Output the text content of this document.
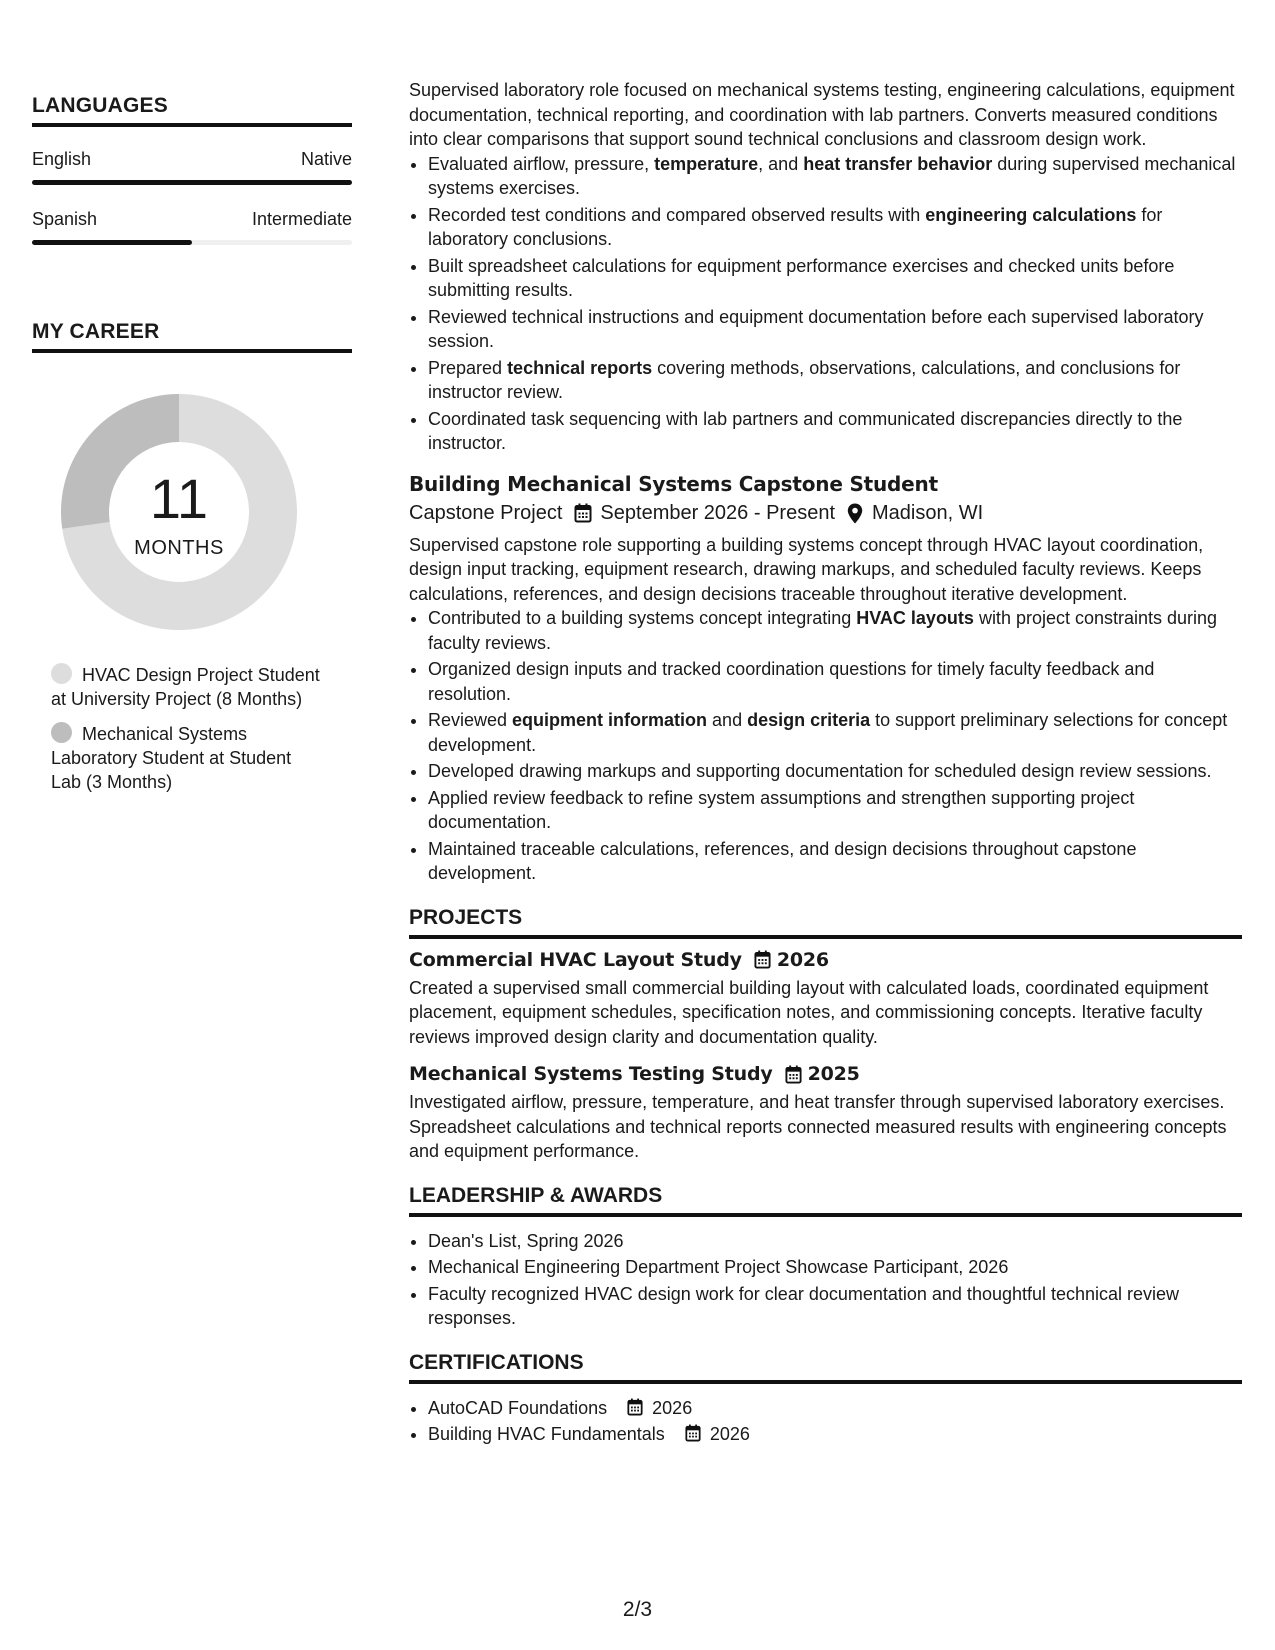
LANGUAGES
English	Native
Spanish	Intermediate
MY CAREER
11
MONTHS
HVAC Design Project Student at University Project (8 Months)
Mechanical Systems Laboratory Student at Student Lab (3 Months)

Supervised laboratory role focused on mechanical systems testing, engineering calculations, equipment documentation, technical reporting, and coordination with lab partners. Converts measured conditions into clear comparisons that support sound technical conclusions and classroom design work.

• Evaluated airflow, pressure, temperature, and heat transfer behavior during supervised mechanical systems exercises.
• Recorded test conditions and compared observed results with engineering calculations for laboratory conclusions.
• Built spreadsheet calculations for equipment performance exercises and checked units before submitting results.
• Reviewed technical instructions and equipment documentation before each supervised laboratory session.
• Prepared technical reports covering methods, observations, calculations, and conclusions for instructor review.
• Coordinated task sequencing with lab partners and communicated discrepancies directly to the instructor.
Building Mechanical Systems Capstone Student
Capstone Project September 2026 - Present Madison, WI

Supervised capstone role supporting a building systems concept through HVAC layout coordination, design input tracking, equipment research, drawing markups, and scheduled faculty reviews. Keeps calculations, references, and design decisions traceable throughout iterative development.

• Contributed to a building systems concept integrating HVAC layouts with project constraints during faculty reviews.
• Organized design inputs and tracked coordination questions for timely faculty feedback and resolution.
• Reviewed equipment information and design criteria to support preliminary selections for concept development.
• Developed drawing markups and supporting documentation for scheduled design review sessions.
• Applied review feedback to refine system assumptions and strengthen supporting project documentation.
• Maintained traceable calculations, references, and design decisions throughout capstone development.
PROJECTS
Commercial HVAC Layout Study 2026

Created a supervised small commercial building layout with calculated loads, coordinated equipment placement, equipment schedules, specification notes, and commissioning concepts. Iterative faculty reviews improved design clarity and documentation quality.

Mechanical Systems Testing Study 2025

Investigated airflow, pressure, temperature, and heat transfer through supervised laboratory exercises. Spreadsheet calculations and technical reports connected measured results with engineering concepts and equipment performance.

LEADERSHIP & AWARDS
• Dean's List, Spring 2026
• Mechanical Engineering Department Project Showcase Participant, 2026
• Faculty recognized HVAC design work for clear documentation and thoughtful technical review responses.
CERTIFICATIONS
• AutoCAD Foundations	2026
• Building HVAC Fundamentals	2026
2/3
